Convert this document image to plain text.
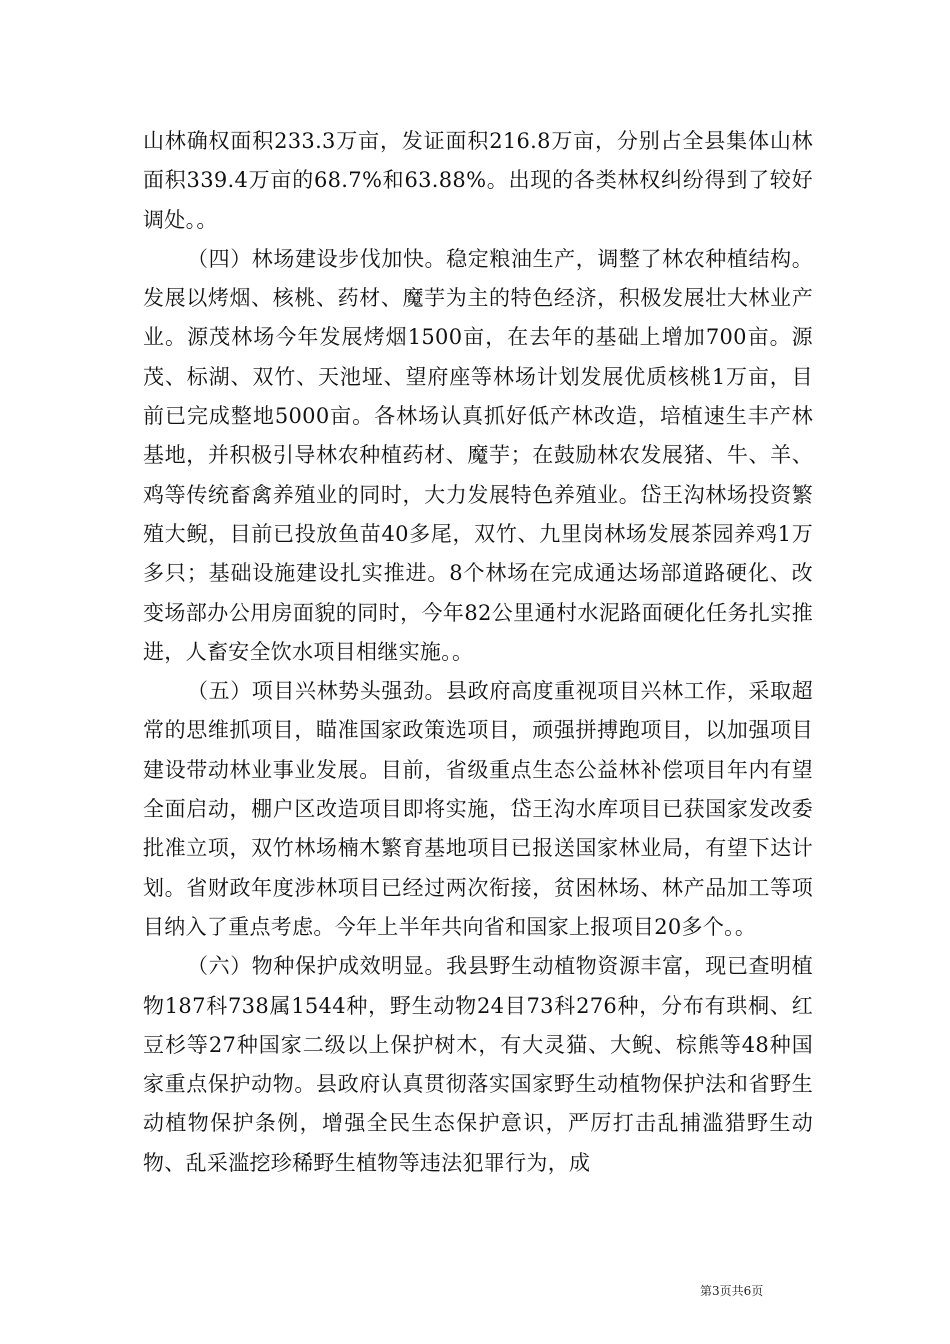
山林确权面积233.3万亩，发证面积216.8万亩，分别占全县集体山林面积339.4万亩的68.7%和63.88%。出现的各类林权纠纷得到了较好调处。。

（四）林场建设步伐加快。稳定粮油生产，调整了林农种植结构。发展以烤烟、核桃、药材、魔芋为主的特色经济，积极发展壮大林业产业。源茂林场今年发展烤烟1500亩，在去年的基础上增加700亩。源茂、标湖、双竹、天池垭、望府座等林场计划发展优质核桃1万亩，目前已完成整地5000亩。各林场认真抓好低产林改造，培植速生丰产林基地，并积极引导林农种植药材、魔芋；在鼓励林农发展猪、牛、羊、鸡等传统畜禽养殖业的同时，大力发展特色养殖业。岱王沟林场投资繁殖大鲵，目前已投放鱼苗40多尾，双竹、九里岗林场发展茶园养鸡1万多只；基础设施建设扎实推进。8个林场在完成通达场部道路硬化、改变场部办公用房面貌的同时，今年82公里通村水泥路面硬化任务扎实推进，人畜安全饮水项目相继实施。。

（五）项目兴林势头强劲。县政府高度重视项目兴林工作，采取超常的思维抓项目，瞄准国家政策选项目，顽强拼搏跑项目，以加强项目建设带动林业事业发展。目前，省级重点生态公益林补偿项目年内有望全面启动，棚户区改造项目即将实施，岱王沟水库项目已获国家发改委批准立项，双竹林场楠木繁育基地项目已报送国家林业局，有望下达计划。省财政年度涉林项目已经过两次衔接，贫困林场、林产品加工等项目纳入了重点考虑。今年上半年共向省和国家上报项目20多个。。

（六）物种保护成效明显。我县野生动植物资源丰富，现已查明植物187科738属1544种，野生动物24目73科276种，分布有珙桐、红豆杉等27种国家二级以上保护树木，有大灵猫、大鲵、棕熊等48种国家重点保护动物。县政府认真贯彻落实国家野生动植物保护法和省野生动植物保护条例，增强全民生态保护意识，严厉打击乱捕滥猎野生动物、乱采滥挖珍稀野生植物等违法犯罪行为，成

第3页共6页
